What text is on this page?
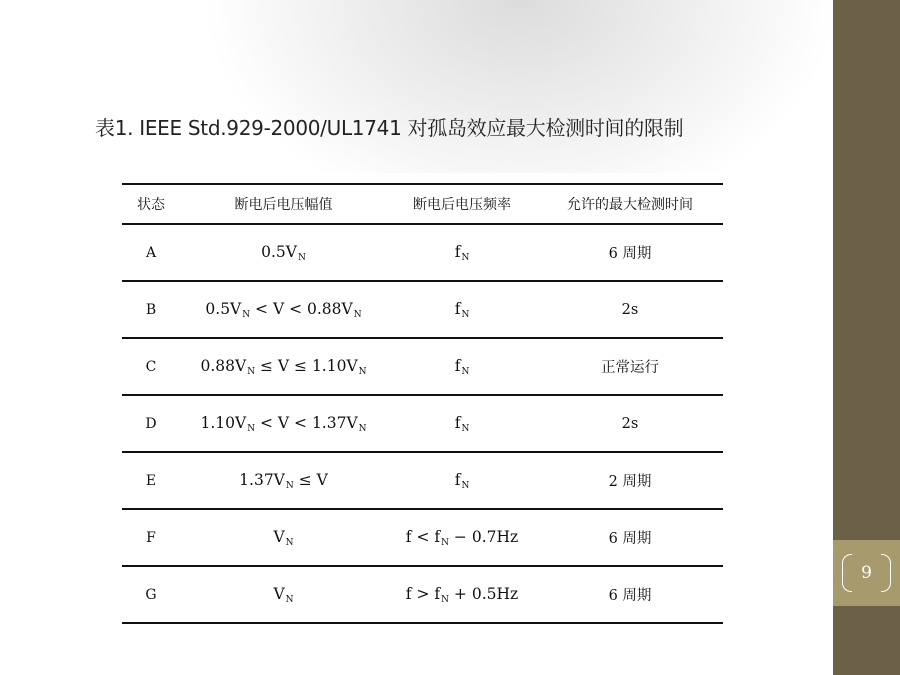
9
表1. IEEE Std.929-2000/UL1741 对孤岛效应最大检测时间的限制
状态	断电后电压幅值	断电后电压频率	允许的最大检测时间
A	$0.5V_N$	$f_N$	6 周期
B	$0.5V_N < V < 0.88V_N$	$f_N$	2s
C	$0.88V_N \le V \le 1.10V_N$	$f_N$	正常运行
D	$1.10V_N < V < 1.37V_N$	$f_N$	2s
E	$1.37V_N \le V$	$f_N$	2 周期
F	$V_N$	$f < f_N - 0.7Hz$	6 周期
G	$V_N$	$f > f_N + 0.5Hz$	6 周期
